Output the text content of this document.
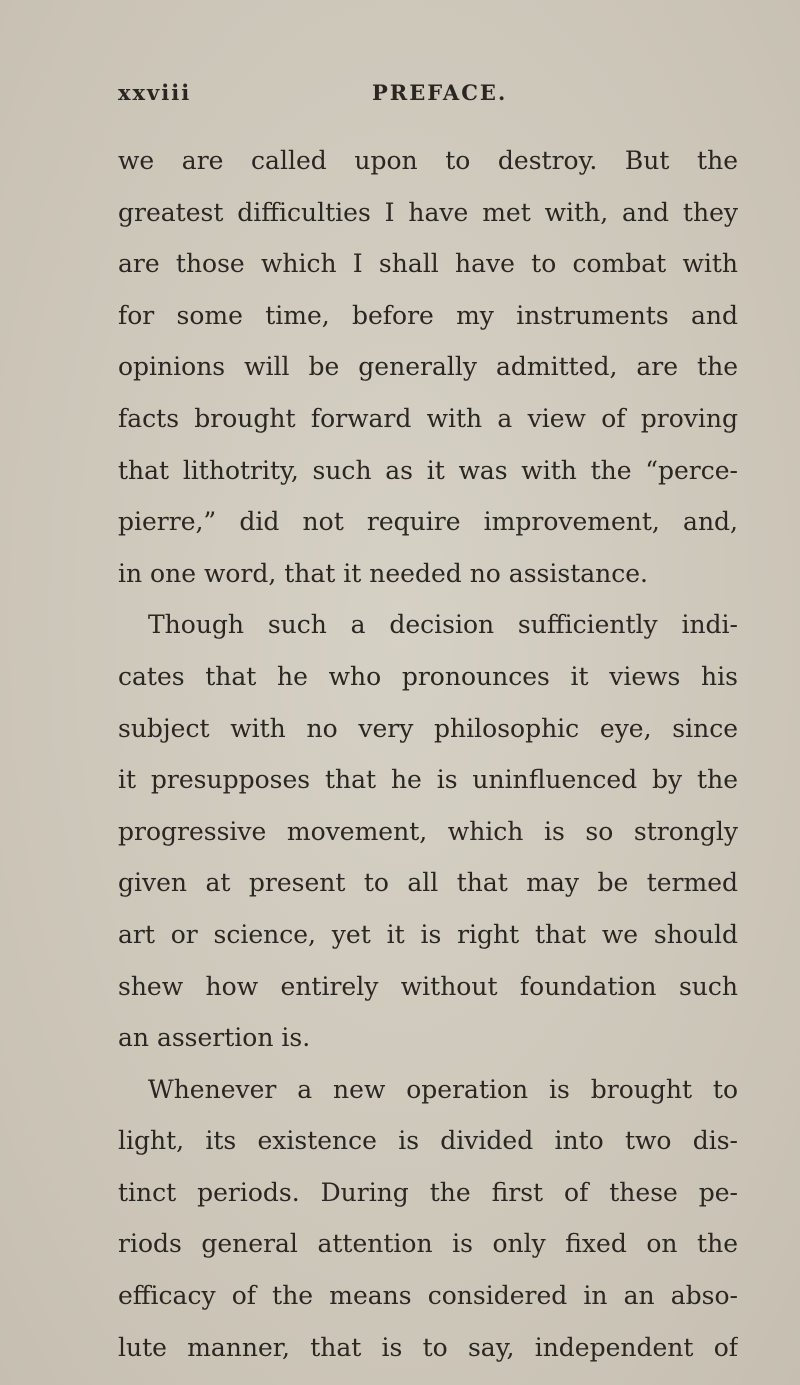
xxviii	PREFACE.
we are called upon to destroy. But the
greatest difficulties I have met with, and they
are those which I shall have to combat with
for some time, before my instruments and
opinions will be generally admitted, are the
facts brought forward with a view of proving
that lithotrity, such as it was with the “perce-
pierre,” did not require improvement, and,
in one word, that it needed no assistance.
Though such a decision sufficiently indi-
cates that he who pronounces it views his
subject with no very philosophic eye, since
it presupposes that he is uninfluenced by the
progressive movement, which is so strongly
given at present to all that may be termed
art or science, yet it is right that we should
shew how entirely without foundation such
an assertion is.
Whenever a new operation is brought to
light, its existence is divided into two dis-
tinct periods. During the first of these pe-
riods general attention is only fixed on the
efficacy of the means considered in an abso-
lute manner, that is to say, independent of
